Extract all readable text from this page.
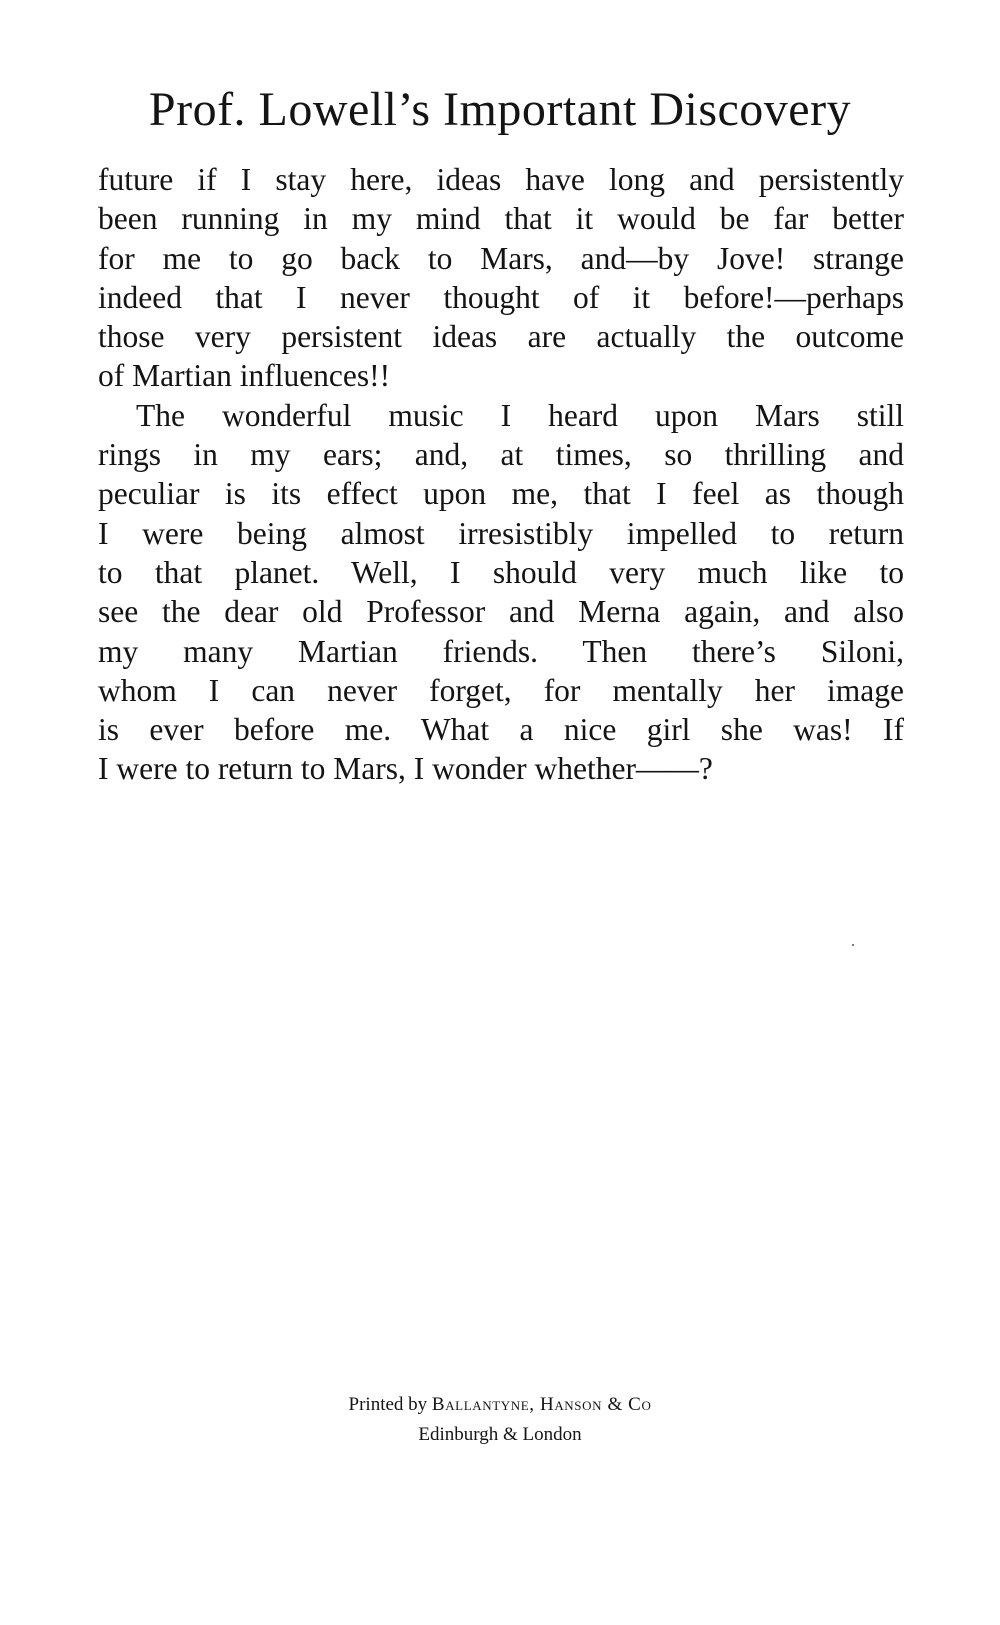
Prof. Lowell’s Important Discovery
future if I stay here, ideas have long and persistently
been running in my mind that it would be far better
for me to go back to Mars, and—by Jove! strange
indeed that I never thought of it before!—perhaps
those very persistent ideas are actually the outcome
of Martian influences!!
The wonderful music I heard upon Mars still
rings in my ears; and, at times, so thrilling and
peculiar is its effect upon me, that I feel as though
I were being almost irresistibly impelled to return
to that planet. Well, I should very much like to
see the dear old Professor and Merna again, and also
my many Martian friends. Then there’s Siloni,
whom I can never forget, for mentally her image
is ever before me. What a nice girl she was! If
I were to return to Mars, I wonder whether——?
Printed by Ballantyne, Hanson & Co
Edinburgh & London
